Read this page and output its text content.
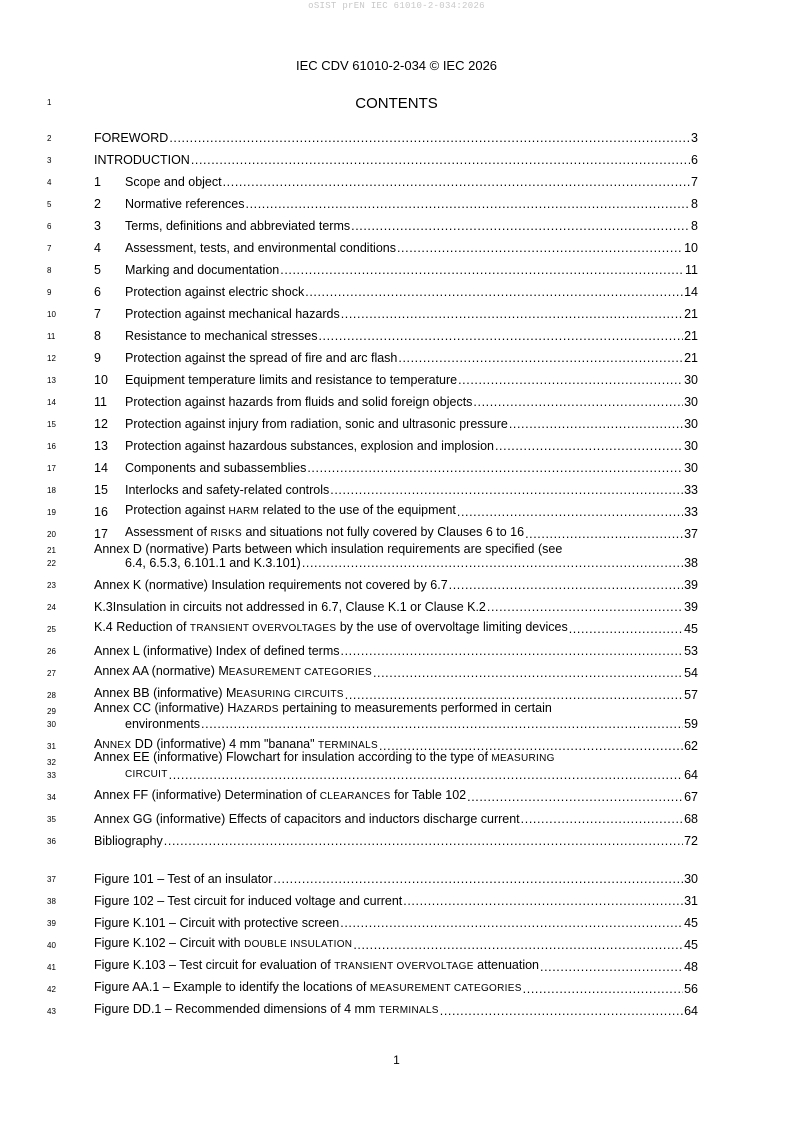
oSIST prEN IEC 61010-2-034:2026
IEC CDV 61010-2-034 © IEC 2026
1	CONTENTS
2	FOREWORD .....	3
3	INTRODUCTION .....	6
4	1	Scope and object .....	7
5	2	Normative references .....	8
6	3	Terms, definitions and abbreviated terms .....	8
7	4	Assessment, tests, and environmental conditions .....	10
8	5	Marking and documentation .....	11
9	6	Protection against electric shock .....	14
10	7	Protection against mechanical hazards .....	21
11	8	Resistance to mechanical stresses .....	21
12	9	Protection against the spread of fire and arc flash .....	21
13	10	Equipment temperature limits and resistance to temperature .....	30
14	11	Protection against hazards from fluids and solid foreign objects .....	30
15	12	Protection against injury from radiation, sonic and ultrasonic pressure .....	30
16	13	Protection against hazardous substances, explosion and implosion .....	30
17	14	Components and subassemblies .....	30
18	15	Interlocks and safety-related controls .....	33
19	16	Protection against HARM related to the use of the equipment .....	33
20	17	Assessment of RISKS and situations not fully covered by Clauses 6 to 16 .....	37
21
22
Annex D (normative) Parts between which insulation requirements are specified (see
6.4, 6.5.3, 6.101.1 and K.3.101) .....	38
23	Annex K (normative) Insulation requirements not covered by 6.7 .....	39
24	K.3Insulation in circuits not addressed in 6.7, Clause K.1 or Clause K.2 .....	39
25	K.4 Reduction of TRANSIENT OVERVOLTAGES by the use of overvoltage limiting devices .....	45
26	Annex L (informative) Index of defined terms .....	53
27	Annex AA (normative) MEASUREMENT CATEGORIES .....	54
28	Annex BB (informative) MEASURING CIRCUITS .....	57
29
30
Annex CC (informative) HAZARDS pertaining to measurements performed in certain
environments .....	59
31	ANNEX DD (informative) 4 mm "banana" TERMINALS .....	62
32
33
Annex EE (informative) Flowchart for insulation according to the type of MEASURING
CIRCUIT .....	64
34	Annex FF (informative) Determination of CLEARANCES for Table 102 .....	67
35	Annex GG (informative) Effects of capacitors and inductors discharge current .....	68
36	Bibliography .....	72
37	Figure 101 – Test of an insulator .....	30
38	Figure 102 – Test circuit for induced voltage and current .....	31
39	Figure K.101 – Circuit with protective screen .....	45
40	Figure K.102 – Circuit with DOUBLE INSULATION .....	45
41	Figure K.103 – Test circuit for evaluation of TRANSIENT OVERVOLTAGE attenuation .....	48
42	Figure AA.1 – Example to identify the locations of MEASUREMENT CATEGORIES .....	56
43	Figure DD.1 – Recommended dimensions of 4 mm TERMINALS .....	64
1
